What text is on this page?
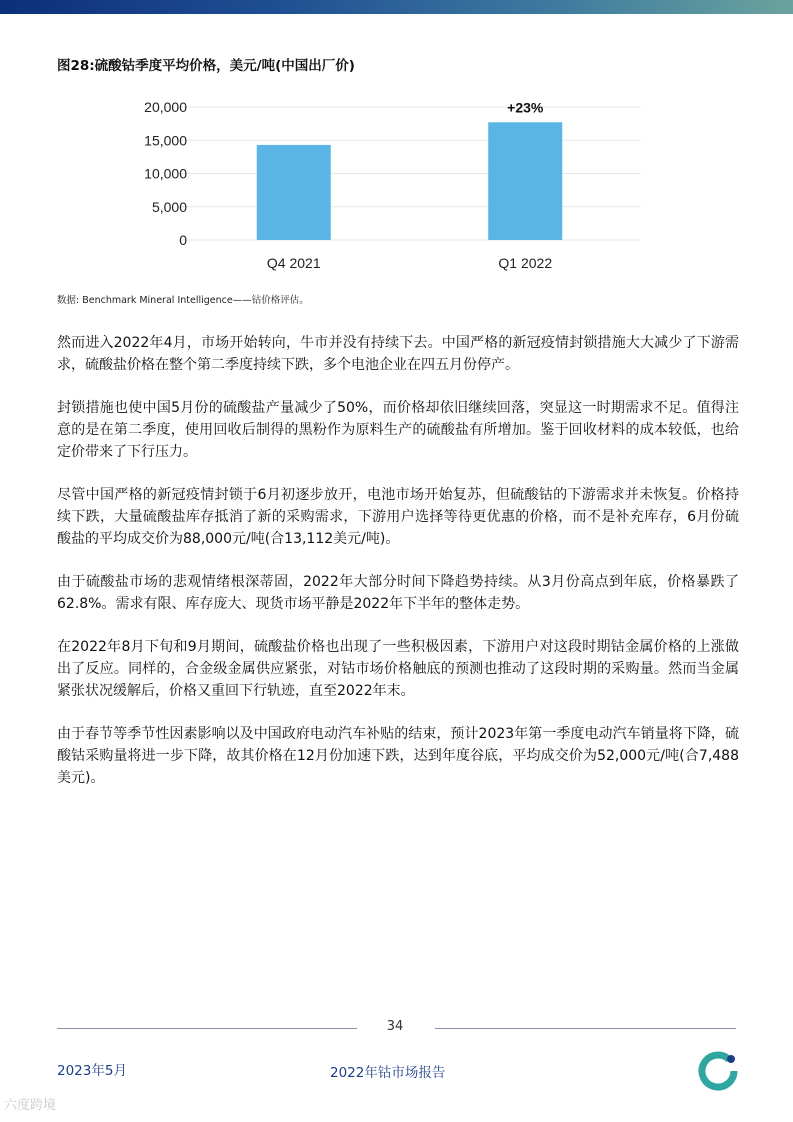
图28:硫酸钴季度平均价格，美元/吨(中国出厂价)
0
5,000
10,000
15,000
20,000
Q4 2021	Q1 2022
+23%
数据: Benchmark Mineral Intelligence——钴价格评估。

然而进入2022年4月，市场开始转向，牛市并没有持续下去。中国严格的新冠疫情封锁措施大大减少了下游需求，硫酸盐价格在整个第二季度持续下跌，多个电池企业在四五月份停产。

封锁措施也使中国5月份的硫酸盐产量减少了50%，而价格却依旧继续回落，突显这一时期需求不足。值得注 意的是在第二季度，使用回收后制得的黑粉作为原料生产的硫酸盐有所增加。鉴于回收材料的成本较低，也给 定价带来了下行压力。

尽管中国严格的新冠疫情封锁于6月初逐步放开，电池市场开始复苏，但硫酸钴的下游需求并未恢复。价格持 续下跌，大量硫酸盐库存抵消了新的采购需求，下游用户选择等待更优惠的价格，而不是补充库存，6月份硫 酸盐的平均成交价为88,000元/吨(合13,112美元/吨)。

由于硫酸盐市场的悲观情绪根深蒂固，2022年大部分时间下降趋势持续。从3月份高点到年底，价格暴跌了 62.8%。需求有限、库存庞大、现货市场平静是2022年下半年的整体走势。

在2022年8月下旬和9月期间，硫酸盐价格也出现了一些积极因素，下游用户对这段时期钴金属价格的上涨做 出了反应。同样的，合金级金属供应紧张，对钴市场价格触底的预测也推动了这段时期的采购量。然而当金属 紧张状况缓解后，价格又重回下行轨迹，直至2022年末。

由于春节等季节性因素影响以及中国政府电动汽车补贴的结束，预计2023年第一季度电动汽车销量将下降，硫 酸钴采购量将进一步下降，故其价格在12月份加速下跌，达到年度谷底，平均成交价为52,000元/吨(合7,488 美元)。

34
2023年5月	2022年钴市场报告
六度跨境
